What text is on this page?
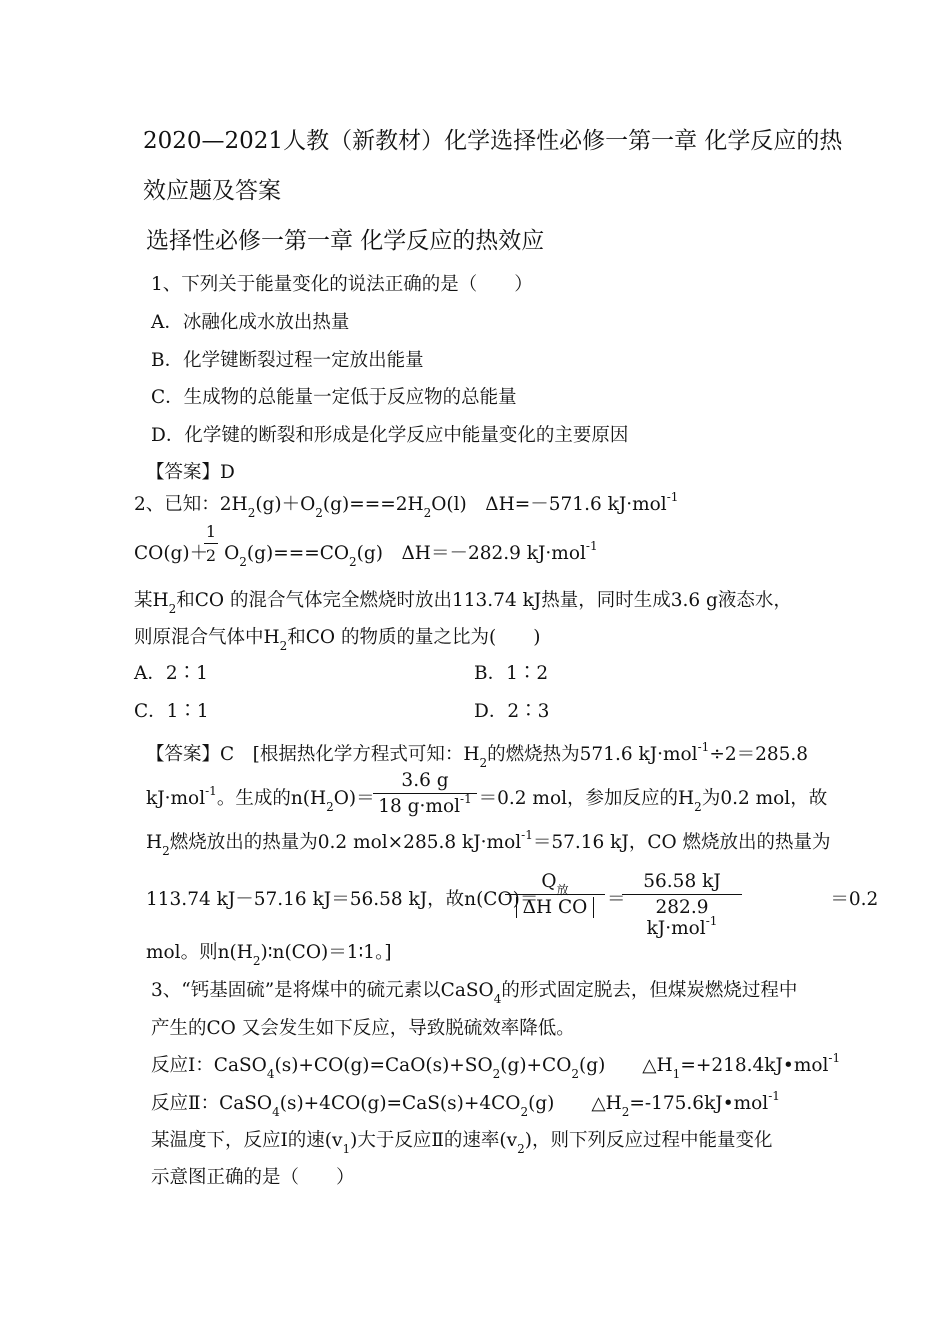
2020—2021人教（新教材）化学选择性必修一第一章 化学反应的热
效应题及答案
选择性必修一第一章 化学反应的热效应
1、下列关于能量变化的说法正确的是（　　）
A．冰融化成水放出热量
B．化学键断裂过程一定放出能量
C．生成物的总能量一定低于反应物的总能量
D．化学键的断裂和形成是化学反应中能量变化的主要原因
【答案】D
2、已知：$2H_2(g)+O_2(g)===2H_2O(l)$　ΔH=－571.6 kJ·mol$^{-1}$
$CO(g)+ O_2(g)===CO_2(g)$　ΔH＝－282.9 kJ·mol$^{-1}$
1
2
某$H_2$和CO 的混合气体完全燃烧时放出113.74 kJ热量，同时生成3.6 g液态水，
则原混合气体中$H_2$和CO 的物质的量之比为(　　)
A．2∶1	B．1∶2
C．1∶1	D．2∶3
【答案】C　[根据热化学方程式可知：$H_2$的燃烧热为571.6 kJ·mol$^{-1}$÷2＝285.8
kJ·mol$^{-1}$。生成的$n(H_2O)=$	＝0.2 mol，参加反应的$H_2$为0.2 mol，故
3.6 g
18 g·mol$^{-1}$
$H_2$燃烧放出的热量为0.2 mol×285.8 kJ·mol$^{-1}$＝57.16 kJ，CO 燃烧放出的热量为
113.74 kJ－57.16 kJ＝56.58 kJ，故n(CO)＝	＝0.2
$Q_放$
ΔH CO	＝
56.58 kJ
282.9 kJ·mol$^{-1}$
mol。则$n(H_2)∶n(CO)=1∶1$。]
3、“钙基固硫”是将煤中的硫元素以CaSO$_4$的形式固定脱去，但煤炭燃烧过程中
产生的CO 又会发生如下反应，导致脱硫效率降低。
反应Ⅰ：$CaSO_4(s)+CO(g)=CaO(s)+SO_2(g)+CO_2(g)$　　$\triangle H_1=+218.4kJ•mol^{-1}$
反应Ⅱ：$CaSO_4(s)+4CO(g)=CaS(s)+4CO_2(g)$　　$\triangle H_2=-175.6kJ•mol^{-1}$
某温度下，反应Ⅰ的速$(v_1)$大于反应Ⅱ的速率$(v_2)$，则下列反应过程中能量变化
示意图正确的是（　　）
